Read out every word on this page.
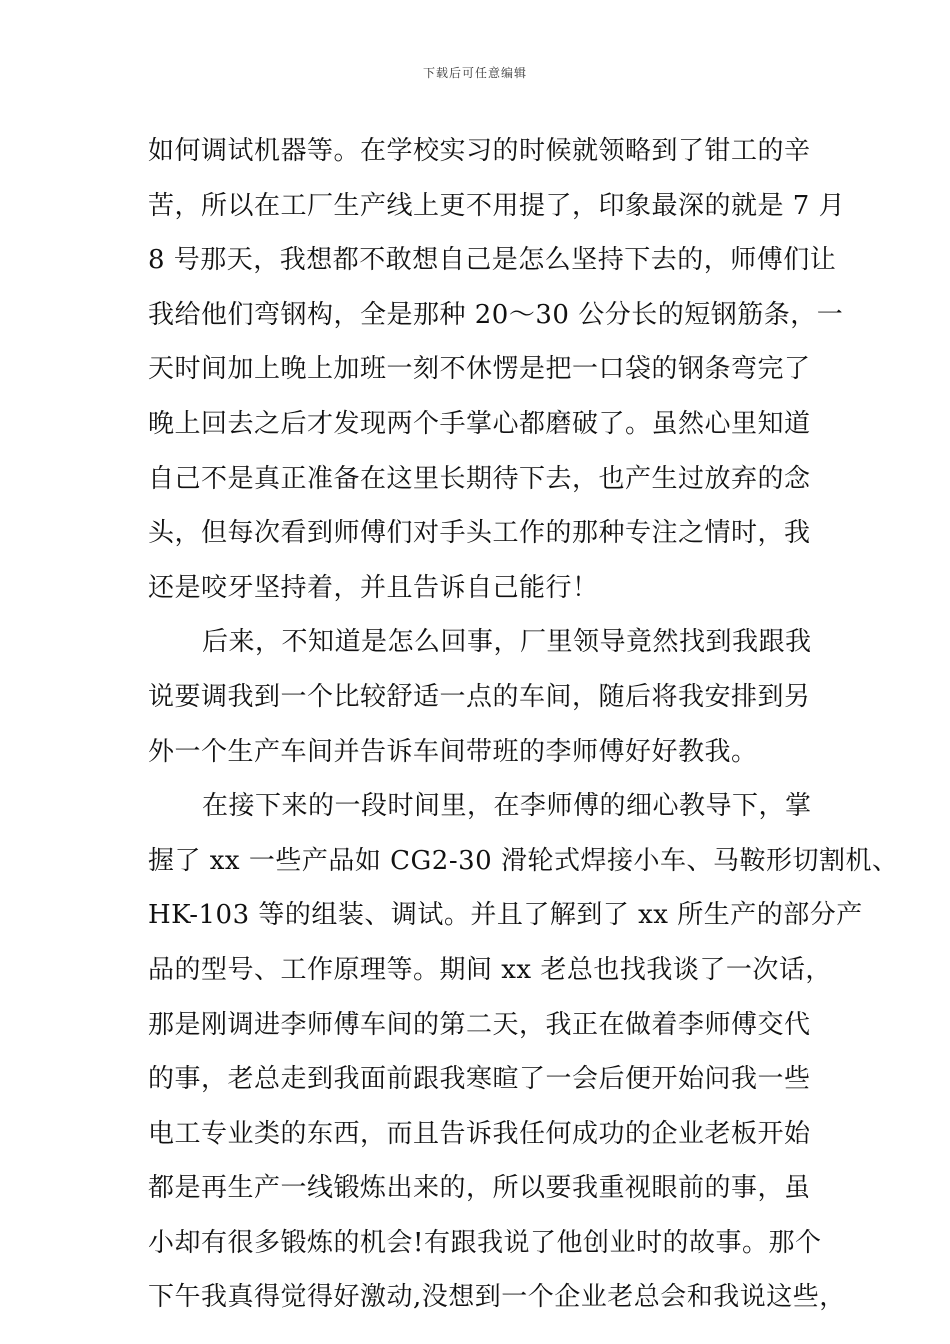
下载后可任意编辑
如何调试机器等。在学校实习的时候就领略到了钳工的辛
苦，所以在工厂生产线上更不用提了，印象最深的就是 7 月
8 号那天，我想都不敢想自己是怎么坚持下去的，师傅们让
我给他们弯钢构，全是那种 20～30 公分长的短钢筋条，一
天时间加上晚上加班一刻不休愣是把一口袋的钢条弯完了
晚上回去之后才发现两个手掌心都磨破了。虽然心里知道
自己不是真正准备在这里长期待下去，也产生过放弃的念
头，但每次看到师傅们对手头工作的那种专注之情时，我
还是咬牙坚持着，并且告诉自己能行！
后来，不知道是怎么回事，厂里领导竟然找到我跟我
说要调我到一个比较舒适一点的车间，随后将我安排到另
外一个生产车间并告诉车间带班的李师傅好好教我。
在接下来的一段时间里，在李师傅的细心教导下，掌
握了 xx 一些产品如 CG2-30 滑轮式焊接小车、马鞍形切割机、
HK-103 等的组装、调试。并且了解到了 xx 所生产的部分产
品的型号、工作原理等。期间 xx 老总也找我谈了一次话，
那是刚调进李师傅车间的第二天，我正在做着李师傅交代
的事，老总走到我面前跟我寒暄了一会后便开始问我一些
电工专业类的东西，而且告诉我任何成功的企业老板开始
都是再生产一线锻炼出来的，所以要我重视眼前的事，虽
小却有很多锻炼的机会!有跟我说了他创业时的故事。那个
下午我真得觉得好激动,没想到一个企业老总会和我说这些，
